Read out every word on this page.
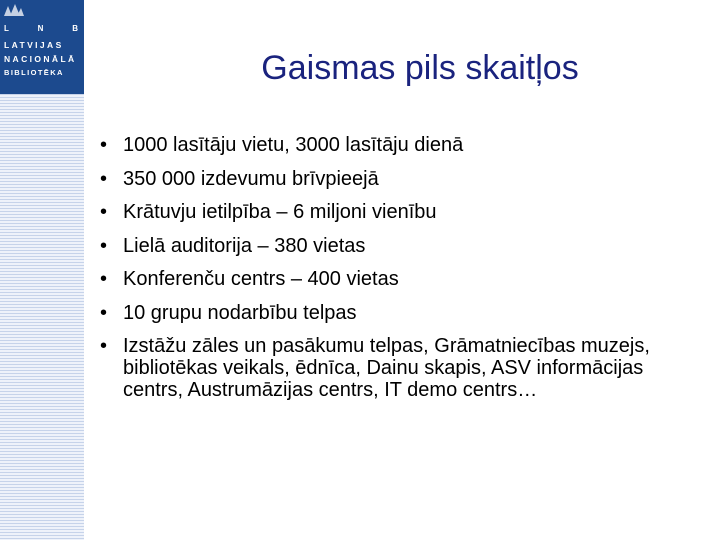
L	N	B
LATVIJAS
NACIONĀLĀ
BIBLIOTĒKA	Gaismas pils skaitļos
• 1000 lasītāju vietu, 3000 lasītāju dienā
• 350 000 izdevumu brīvpieejā
• Krātuvju ietilpība – 6 miljoni vienību
• Lielā auditorija – 380 vietas
• Konferenču centrs – 400 vietas
• 10 grupu nodarbību telpas
• Izstāžu zāles un pasākumu telpas, Grāmatniecības muzejs, bibliotēkas veikals, ēdnīca, Dainu skapis, ASV informācijas centrs, Austrumāzijas centrs, IT demo centrs…
